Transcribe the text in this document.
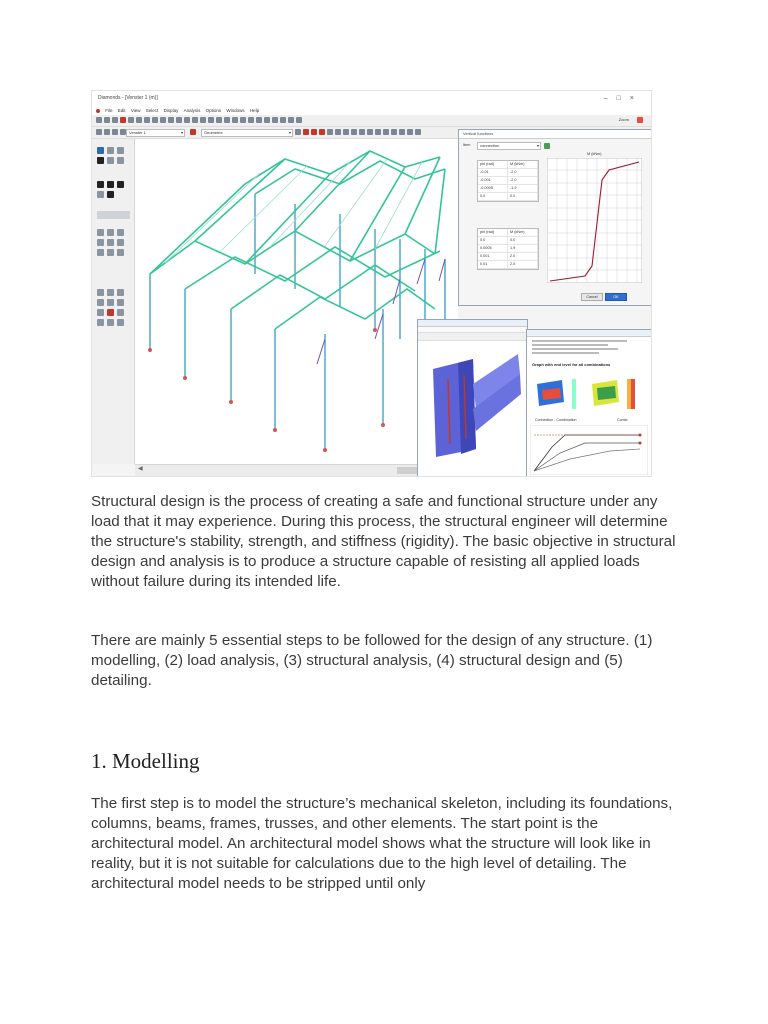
Diamonds - [Venster 1 (m)]	–□×
File Edit View Select Display Analysis Options Windows Help
Zoom
Venster 1	▾	Geometrie	▾
◀
Vertical functions
Item	connection	▾
phi (rad)	M (kNm)
-0.01	-2.0
-0.001	-2.0
-0.0005	-1.9
0.0	0.0
phi (rad)	M (kNm)
0.0	0.0
0.0005	1.9
0.001	2.0
0.01	2.0
M (kNm)
Cancel	OK
Graph with end level for all combinations
Connection - Combination	Combi

Structural design is the process of creating a safe and functional structure under any load that it may experience. During this process, the structural engineer will determine the structure's stability, strength, and stiffness (rigidity). The basic objective in structural design and analysis is to produce a structure capable of resisting all applied loads without failure during its intended life.

There are mainly 5 essential steps to be followed for the design of any structure. (1) modelling, (2) load analysis, (3) structural analysis, (4) structural design and (5) detailing.

1. Modelling

The first step is to model the structure’s mechanical skeleton, including its foundations, columns, beams, frames, trusses, and other elements. The start point is the architectural model. An architectural model shows what the structure will look like in reality, but it is not suitable for calculations due to the high level of detailing. The architectural model needs to be stripped until only
